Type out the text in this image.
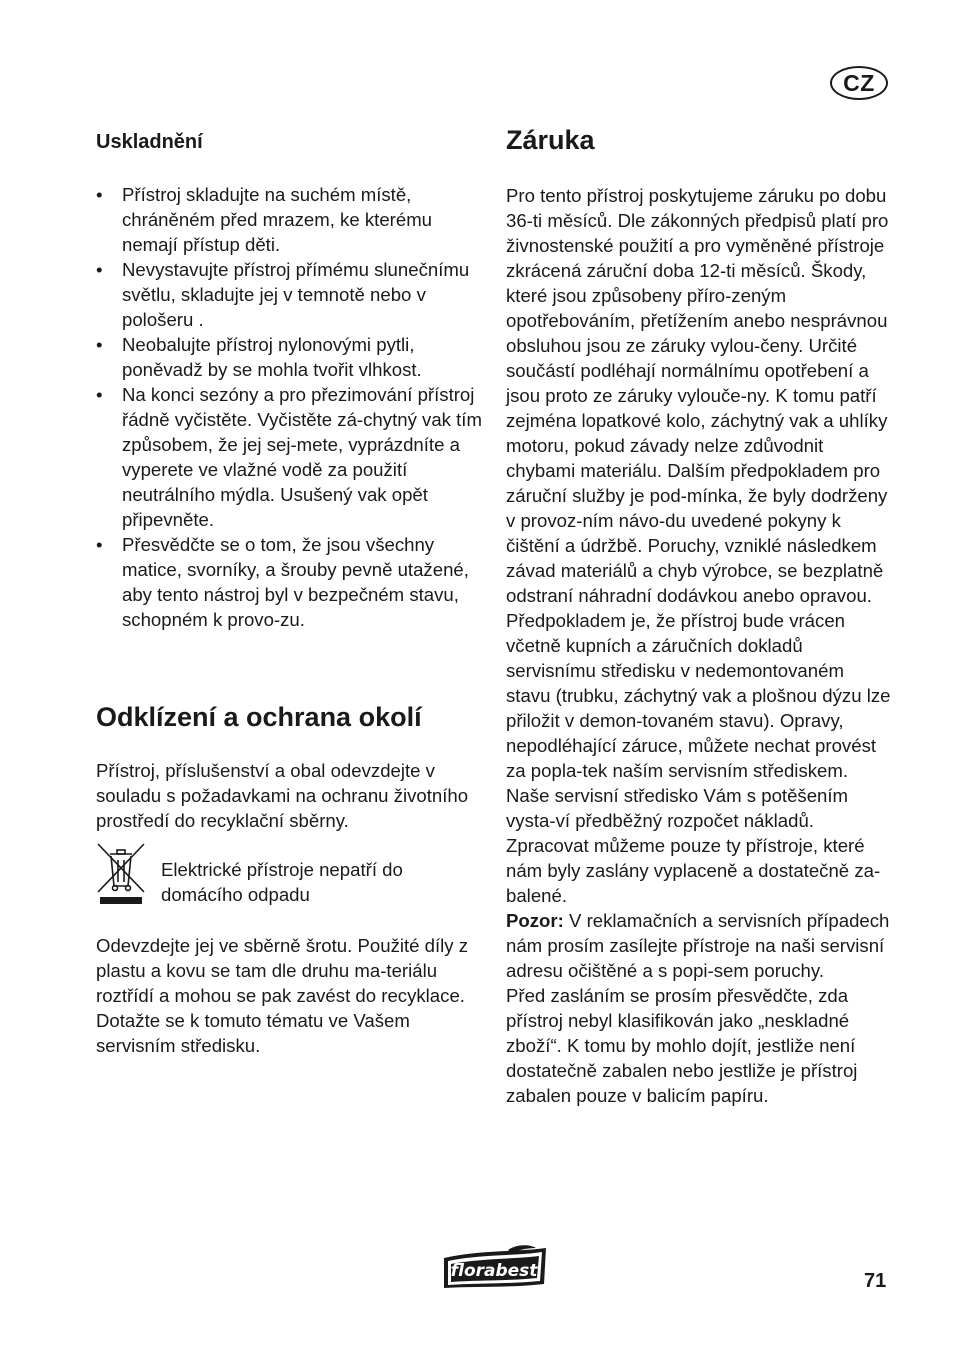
CZ
Uskladnění
• Přístroj skladujte na suchém místě, chráněném před mrazem, ke kterému nemají přístup děti.
• Nevystavujte přístroj přímému slunečnímu světlu, skladujte jej v temnotě nebo v pološeru .
• Neobalujte přístroj nylonovými pytli, poněvadž by se mohla tvořit vlhkost.
• Na konci sezóny a pro přezimování přístroj řádně vyčistěte. Vyčistěte zá-chytný vak tím způsobem, že jej sej-mete, vyprázdníte a vyperete ve vlažné vodě za použití neutrálního mýdla. Usušený vak opět připevněte.
• Přesvědčte se o tom, že jsou všechny matice, svorníky, a šrouby pevně utažené, aby tento nástroj byl v bezpečném stavu, schopném k provo-zu.
Odklízení a ochrana okolí

Přístroj, příslušenství a obal odevzdejte v souladu s požadavkami na ochranu životního prostředí do recyklační sběrny.

Elektrické přístroje nepatří do domácího odpadu

Odevzdejte jej ve sběrně šrotu. Použité díly z plastu a kovu se tam dle druhu ma-teriálu roztřídí a mohou se pak zavést do recyklace. Dotažte se k tomuto tématu ve Vašem servisním středisku.

Záruka

Pro tento přístroj poskytujeme záruku po dobu 36-ti měsíců. Dle zákonných předpisů platí pro živnostenské použití a pro vyměněné přístroje zkrácená záruční doba 12-ti měsíců. Škody, které jsou způsobeny příro-zeným opotřebováním, přetížením anebo nesprávnou obsluhou jsou ze záruky vylou-čeny. Určité součástí podléhají normálnímu opotřebení a jsou proto ze záruky vylouče-ny. K tomu patří zejména lopatkové kolo, záchytný vak a uhlíky motoru, pokud závady nelze zdůvodnit chybami materiálu. Dalším předpokladem pro záruční služby je pod-mínka, že byly dodrženy v provoz-ním návo-du uvedené pokyny k čištění a údržbě. Poruchy, vzniklé následkem závad materiálů a chyb výrobce, se bezplatně odstraní náhradní dodávkou anebo opravou. Předpokladem je, že přístroj bude vrácen včetně kupních a záručních dokladů servisnímu středisku v nedemontovaném stavu (trubku, záchytný vak a plošnou dýzu lze přiložit v demon-tovaném stavu). Opravy, nepodléhající záruce, můžete nechat provést za popla-tek naším servisním střediskem. Naše servisní středisko Vám s potěšením vysta-ví předběžný rozpočet nákladů. Zpracovat můžeme pouze ty přístroje, které nám byly zaslány vyplaceně a dostatečně za-balené.

Pozor: V reklamačních a servisních případech nám prosím zasílejte přístroje na naši servisní adresu očištěné a s popi-sem poruchy.

Před zasláním se prosím přesvědčte, zda přístroj nebyl klasifikován jako „neskladné zboží“. K tomu by mohlo dojít, jestliže není dostatečně zabalen nebo jestliže je přístroj zabalen pouze v balicím papíru.

florabest	71
